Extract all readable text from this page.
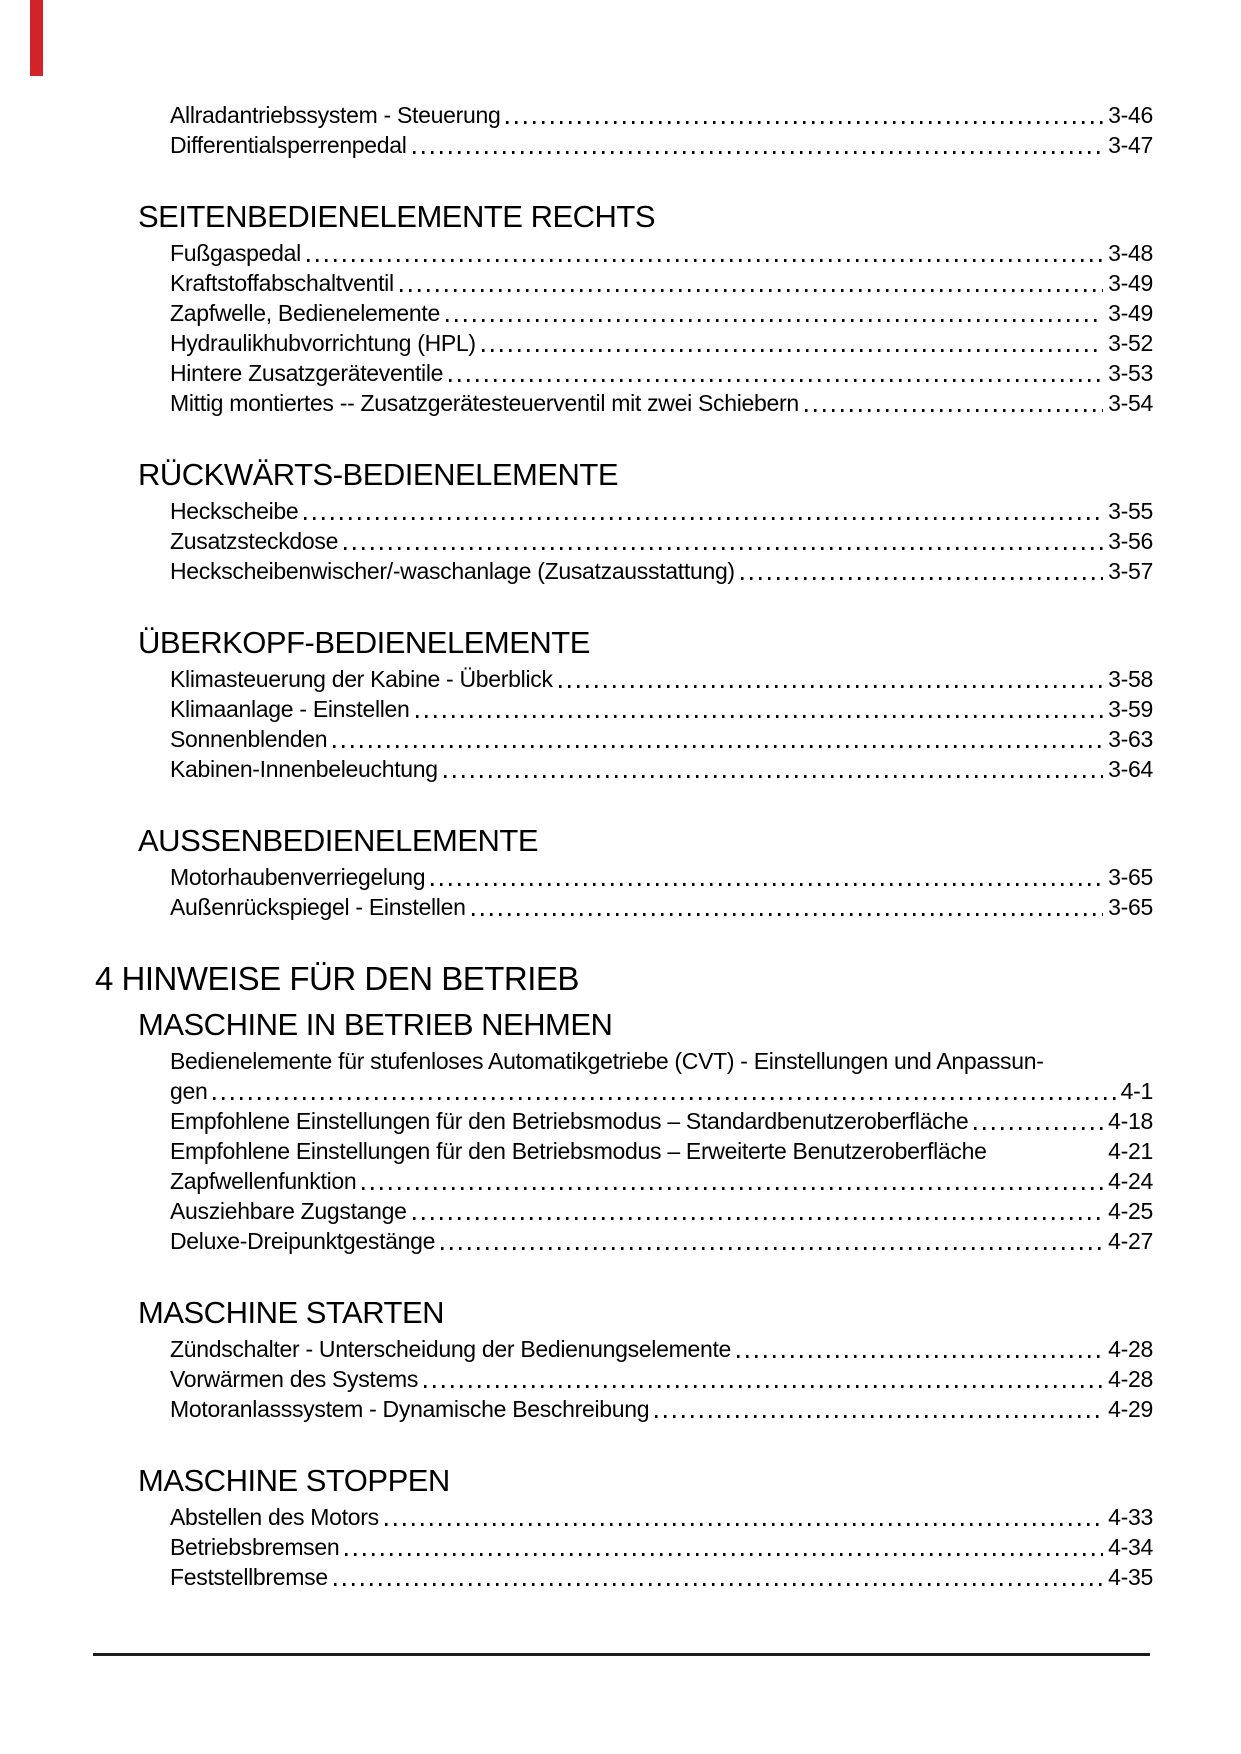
Allradantriebssystem - Steuerung	3-46
Differentialsperrenpedal	3-47
SEITENBEDIENELEMENTE RECHTS
Fußgaspedal	3-48
Kraftstoffabschaltventil	3-49
Zapfwelle, Bedienelemente	3-49
Hydraulikhubvorrichtung (HPL)	3-52
Hintere Zusatzgeräteventile	3-53
Mittig montiertes -- Zusatzgerätesteuerventil mit zwei Schiebern	3-54
RÜCKWÄRTS-BEDIENELEMENTE
Heckscheibe	3-55
Zusatzsteckdose	3-56
Heckscheibenwischer/-waschanlage (Zusatzausstattung)	3-57
ÜBERKOPF-BEDIENELEMENTE
Klimasteuerung der Kabine - Überblick	3-58
Klimaanlage - Einstellen	3-59
Sonnenblenden	3-63
Kabinen-Innenbeleuchtung	3-64
AUSSENBEDIENELEMENTE
Motorhaubenverriegelung	3-65
Außenrückspiegel - Einstellen	3-65
4 HINWEISE FÜR DEN BETRIEB
MASCHINE IN BETRIEB NEHMEN
Bedienelemente für stufenloses Automatikgetriebe (CVT) - Einstellungen und Anpassun-
gen	4-1
Empfohlene Einstellungen für den Betriebsmodus – Standardbenutzeroberfläche	4-18
Empfohlene Einstellungen für den Betriebsmodus – Erweiterte Benutzeroberfläche	4-21
Zapfwellenfunktion	4-24
Ausziehbare Zugstange	4-25
Deluxe-Dreipunktgestänge	4-27
MASCHINE STARTEN
Zündschalter - Unterscheidung der Bedienungselemente	4-28
Vorwärmen des Systems	4-28
Motoranlasssystem - Dynamische Beschreibung	4-29
MASCHINE STOPPEN
Abstellen des Motors	4-33
Betriebsbremsen	4-34
Feststellbremse	4-35
